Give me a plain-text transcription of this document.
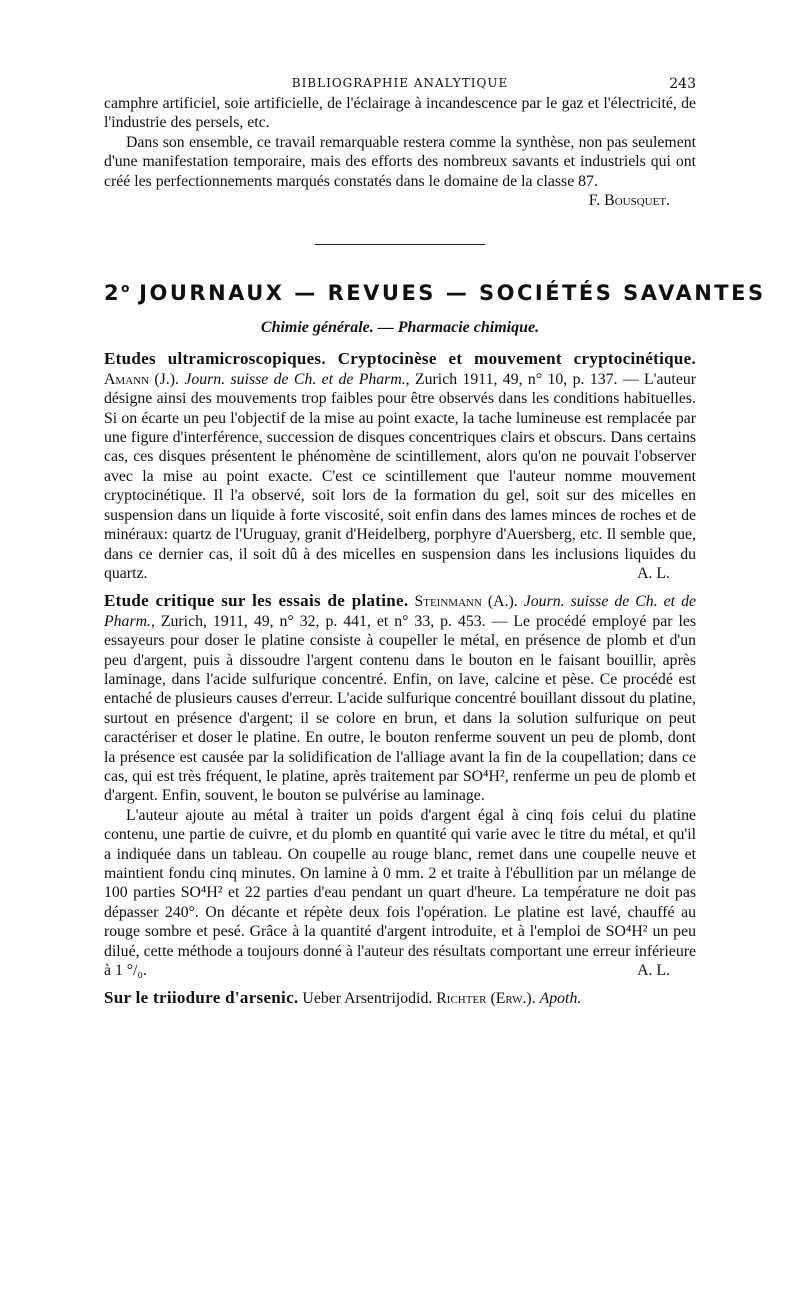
BIBLIOGRAPHIE ANALYTIQUE	243

camphre artificiel, soie artificielle, de l'éclairage à incandescence par le gaz et l'électricité, de l'industrie des persels, etc.

Dans son ensemble, ce travail remarquable restera comme la synthèse, non pas seulement d'une manifestation temporaire, mais des efforts des nombreux savants et industriels qui ont créé les perfectionnements marqués constatés dans le domaine de la classe 87.
F. Bousquet.

2$^o$ JOURNAUX — REVUES — SOCIÉTÉS SAVANTES
Chimie générale. — Pharmacie chimique.

Etudes ultramicroscopiques. Cryptocinèse et mouvement cryptocinétique. Amann (J.). Journ. suisse de Ch. et de Pharm., Zurich 1911, 49, n° 10, p. 137. — L'auteur désigne ainsi des mouvements trop faibles pour être observés dans les conditions habituelles. Si on écarte un peu l'objectif de la mise au point exacte, la tache lumineuse est remplacée par une figure d'interférence, succession de disques concentriques clairs et obscurs. Dans certains cas, ces disques présentent le phénomène de scintillement, alors qu'on ne pouvait l'observer avec la mise au point exacte. C'est ce scintillement que l'auteur nomme mouvement cryptocinétique. Il l'a observé, soit lors de la formation du gel, soit sur des micelles en suspension dans un liquide à forte viscosité, soit enfin dans des lames minces de roches et de minéraux: quartz de l'Uruguay, granit d'Heidelberg, porphyre d'Auersberg, etc. Il semble que, dans ce dernier cas, il soit dû à des micelles en suspension dans les inclusions liquides du quartz.	A. L.

Etude critique sur les essais de platine. Steinmann (A.). Journ. suisse de Ch. et de Pharm., Zurich, 1911, 49, n° 32, p. 441, et n° 33, p. 453. — Le procédé employé par les essayeurs pour doser le platine consiste à coupeller le métal, en présence de plomb et d'un peu d'argent, puis à dissoudre l'argent contenu dans le bouton en le faisant bouillir, après laminage, dans l'acide sulfurique concentré. Enfin, on lave, calcine et pèse. Ce procédé est entaché de plusieurs causes d'erreur. L'acide sulfurique concentré bouillant dissout du platine, surtout en présence d'argent; il se colore en brun, et dans la solution sulfurique on peut caractériser et doser le platine. En outre, le bouton renferme souvent un peu de plomb, dont la présence est causée par la solidification de l'alliage avant la fin de la coupellation; dans ce cas, qui est très fréquent, le platine, après traitement par SO⁴H², renferme un peu de plomb et d'argent. Enfin, souvent, le bouton se pulvérise au laminage.

L'auteur ajoute au métal à traiter un poids d'argent égal à cinq fois celui du platine contenu, une partie de cuivre, et du plomb en quantité qui varie avec le titre du métal, et qu'il a indiquée dans un tableau. On coupelle au rouge blanc, remet dans une coupelle neuve et maintient fondu cinq minutes. On lamine à 0 mm. 2 et traite à l'ébullition par un mélange de 100 parties SO⁴H² et 22 parties d'eau pendant un quart d'heure. La température ne doit pas dépasser 240°. On décante et répète deux fois l'opération. Le platine est lavé, chauffé au rouge sombre et pesé. Grâce à la quantité d'argent introduite, et à l'emploi de SO⁴H² un peu dilué, cette méthode a toujours donné à l'auteur des résultats comportant une erreur inférieure à 1 °/₀.	A. L.

Sur le triiodure d'arsenic. Ueber Arsentrijodid. Richter (Erw.). Apoth.
